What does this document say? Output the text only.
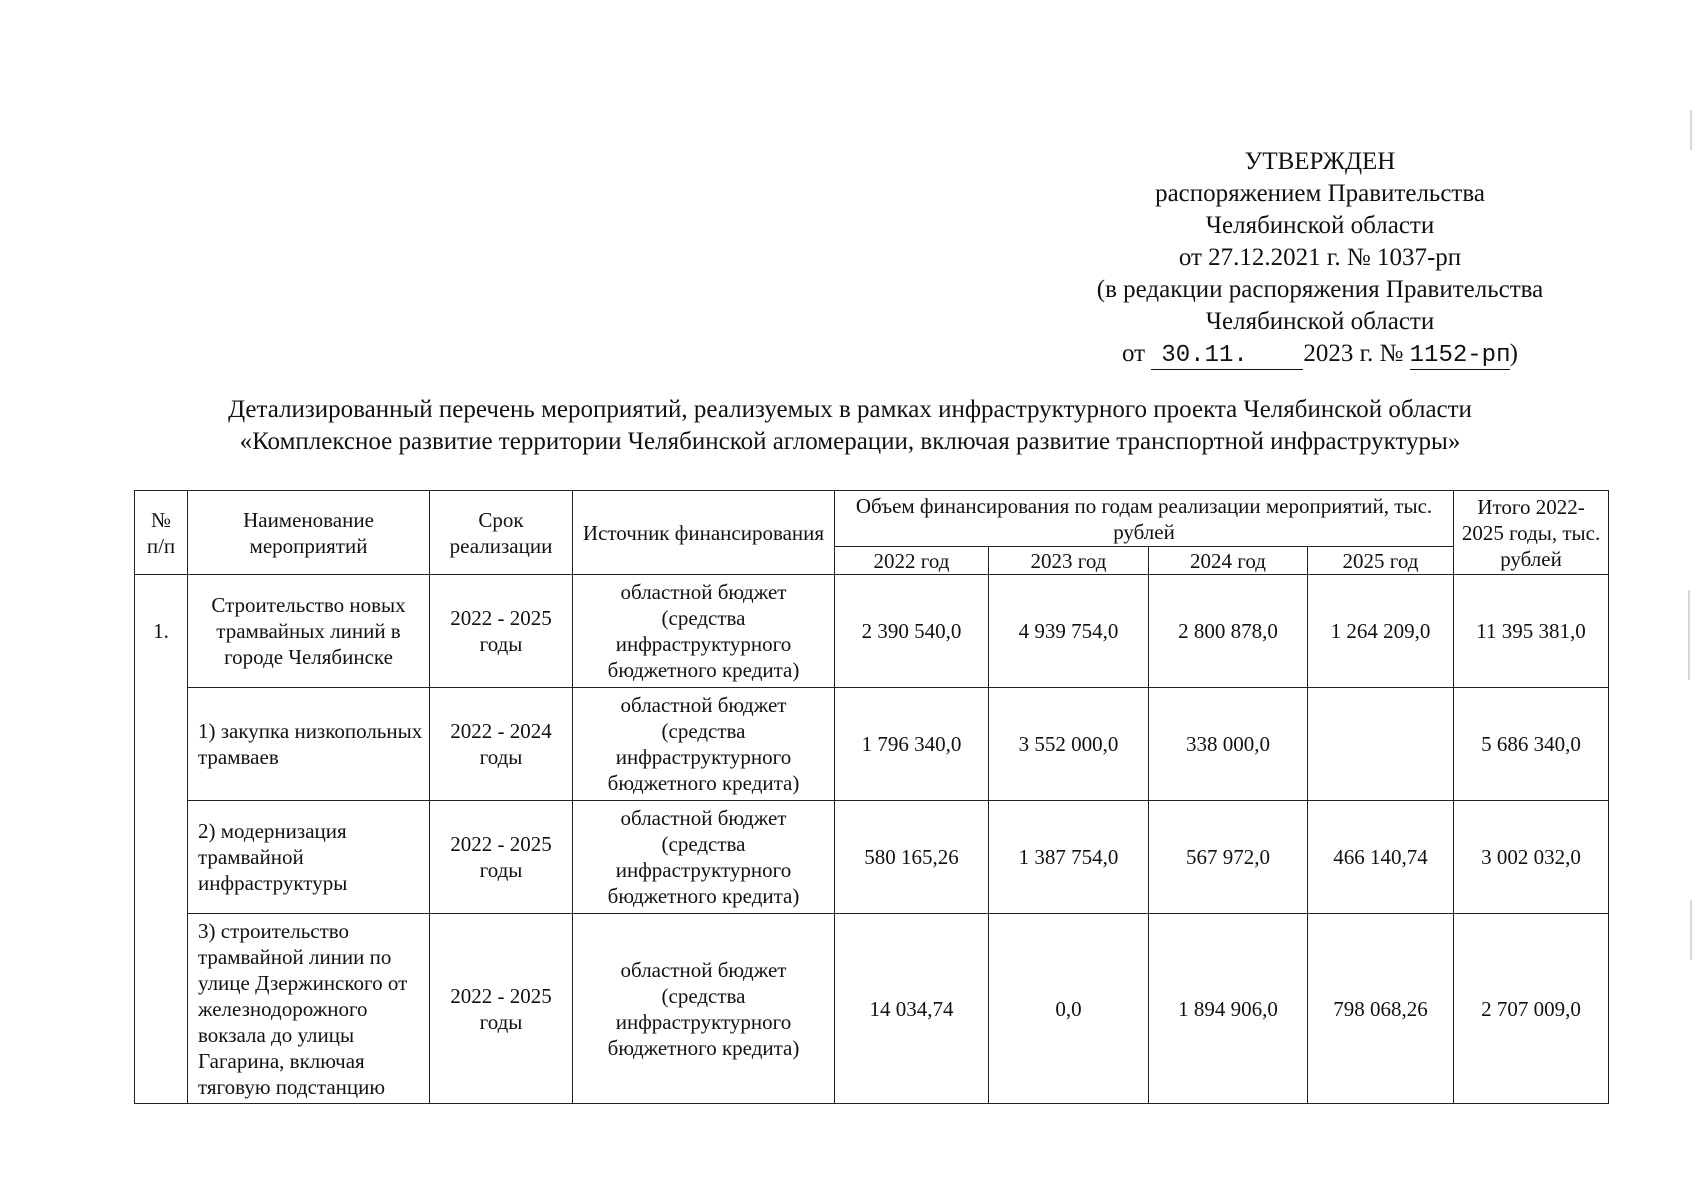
УТВЕРЖДЕН
распоряжением Правительства
Челябинской области
от 27.12.2021 г. № 1037-рп
(в редакции распоряжения Правительства
Челябинской области
от 30.11. 2023 г. № 1152-рп)
Детализированный перечень мероприятий, реализуемых в рамках инфраструктурного проекта Челябинской области
«Комплексное развитие территории Челябинской агломерации, включая развитие транспортной инфраструктуры»
№ п/п	Наименование мероприятий	Срок реализации	Источник финансирования	Объем финансирования по годам реализации мероприятий, тыс. рублей				Итого 2022-2025 годы, тыс. рублей
				2022 год	2023 год	2024 год	2025 год	

1.	Строительство новых трамвайных линий в городе Челябинске	2022 - 2025 годы	областной бюджет (средства инфраструктурного бюджетного кредита)	2 390 540,0	4 939 754,0	2 800 878,0	1 264 209,0	11 395 381,0
	1) закупка низкопольных трамваев	2022 - 2024 годы	областной бюджет (средства инфраструктурного бюджетного кредита)	1 796 340,0	3 552 000,0	338 000,0		5 686 340,0
	2) модернизация трамвайной инфраструктуры	2022 - 2025 годы	областной бюджет (средства инфраструктурного бюджетного кредита)	580 165,26	1 387 754,0	567 972,0	466 140,74	3 002 032,0
	3) строительство трамвайной линии по улице Дзержинского от железнодорожного вокзала до улицы Гагарина, включая тяговую подстанцию	2022 - 2025 годы	областной бюджет (средства инфраструктурного бюджетного кредита)	14 034,74	0,0	1 894 906,0	798 068,26	2 707 009,0
